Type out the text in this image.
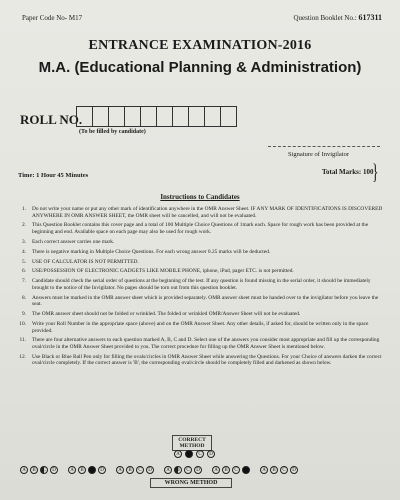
Paper Code No- M17	Question Booklet No.: 617311
ENTRANCE EXAMINATION-2016
M.A. (Educational Planning & Administration)
ROLL NO.
(To be filled by candidate)
Signature of Invigilator
Time: 1 Hour 45 Minutes	Total Marks: 100
}
Instructions to Candidates
1. Do not write your name or put any other mark of identification anywhere in the OMR Answer Sheet. IF ANY MARK OF IDENTIFICATIONS IS DISCOVERED ANYWHERE IN OMR ANSWER SHEET, the OMR sheet will be cancelled, and will not be evaluated.
2. This Question Booklet contains this cover page and a total of 100 Multiple Choice Questions of 1mark each. Space for rough work has been provided at the beginning and end. Available space on each page may also be used for rough work.
3. Each correct answer carries one mark.
4. There is negative marking in Multiple Choice Questions. For each wrong answer 0.25 marks will be deducted.
5. USE OF CALCULATOR IS NOT PERMITTED.
6. USE/POSSESSION OF ELECTRONIC GADGETS LIKE MOBILE PHONE, iphone, iPad, pager ETC. is not permitted.
7. Candidate should check the serial order of questions at the beginning of the test. If any question is found missing in the serial order, it should be immediately brought to the notice of the Invigilator. No pages should be torn out from this question booklet.
8. Answers must be marked in the OMR answer sheet which is provided separately. OMR answer sheet must be handed over to the invigilator before you leave the seat.
9. The OMR answer sheet should not be folded or wrinkled. The folded or wrinkled OMR/Answer Sheet will not be evaluated.
10. Write your Roll Number in the appropriate space (above) and on the OMR Answer Sheet. Any other details, if asked for, should be written only in the space provided.
11. There are four alternative answers to each question marked A, B, C and D. Select one of the answers you consider most appropriate and fill up the corresponding oval/circle in the OMR Answer Sheet provided to you. The correct procedure for filling up the OMR Answer Sheet is mentioned below.
12. Use Black or Blue Ball Pen only for filling the ovals/circles in OMR Answer Sheet while answering the Questions. For your Choice of answers darken the correct oval/circle completely. If the correct answer is 'B', the corresponding oval/circle should be completely filled and darkened as shown below.
CORRECT METHOD
A	B	C	D
A	B	C	D	A	B	C	D	A	B	C	D	A	B	C	D	A	B	C	D	A	B	C	D
WRONG METHOD
